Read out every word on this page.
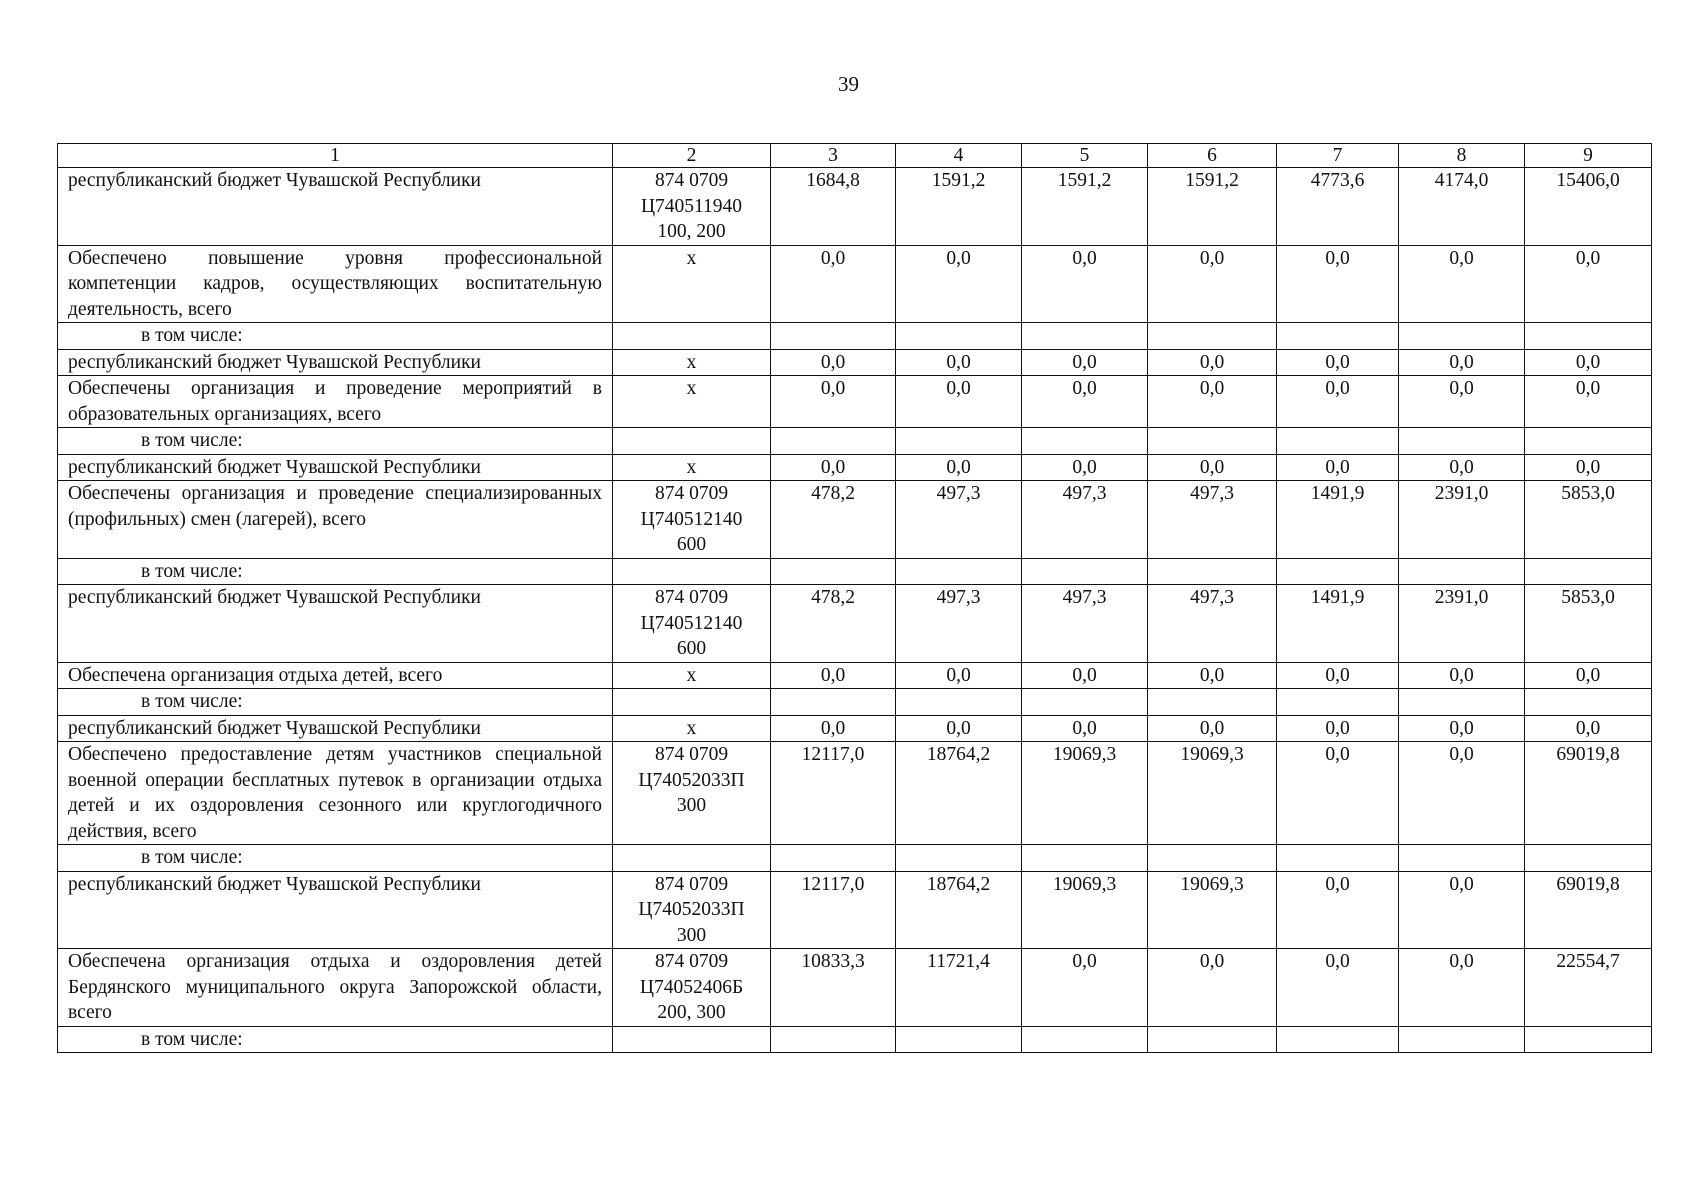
39
1	2	3	4	5	6	7	8	9
республиканский бюджет Чувашской Республики	874 0709
Ц740511940
100, 200	1684,8	1591,2	1591,2	1591,2	4773,6	4174,0	15406,0
Обеспечено повышение уровня профессиональной компетенции кадров, осуществляющих воспитательную деятельность, всего	х	0,0	0,0	0,0	0,0	0,0	0,0	0,0
в том числе:								
республиканский бюджет Чувашской Республики	х	0,0	0,0	0,0	0,0	0,0	0,0	0,0
Обеспечены организация и проведение мероприятий в образовательных организациях, всего	х	0,0	0,0	0,0	0,0	0,0	0,0	0,0
в том числе:								
республиканский бюджет Чувашской Республики	х	0,0	0,0	0,0	0,0	0,0	0,0	0,0
Обеспечены организация и проведение специализированных (профильных) смен (лагерей), всего	874 0709
Ц740512140
600	478,2	497,3	497,3	497,3	1491,9	2391,0	5853,0
в том числе:								
республиканский бюджет Чувашской Республики	874 0709
Ц740512140
600	478,2	497,3	497,3	497,3	1491,9	2391,0	5853,0
Обеспечена организация отдыха детей, всего	х	0,0	0,0	0,0	0,0	0,0	0,0	0,0
в том числе:								
республиканский бюджет Чувашской Республики	х	0,0	0,0	0,0	0,0	0,0	0,0	0,0
Обеспечено предоставление детям участников специальной военной операции бесплатных путевок в организации отдыха детей и их оздоровления сезонного или круглогодичного действия, всего	874 0709
Ц74052033П
300	12117,0	18764,2	19069,3	19069,3	0,0	0,0	69019,8
в том числе:								
республиканский бюджет Чувашской Республики	874 0709
Ц74052033П
300	12117,0	18764,2	19069,3	19069,3	0,0	0,0	69019,8
Обеспечена организация отдыха и оздоровления детей Бердянского муниципального округа Запорожской области, всего	874 0709
Ц74052406Б
200, 300	10833,3	11721,4	0,0	0,0	0,0	0,0	22554,7
в том числе:								
